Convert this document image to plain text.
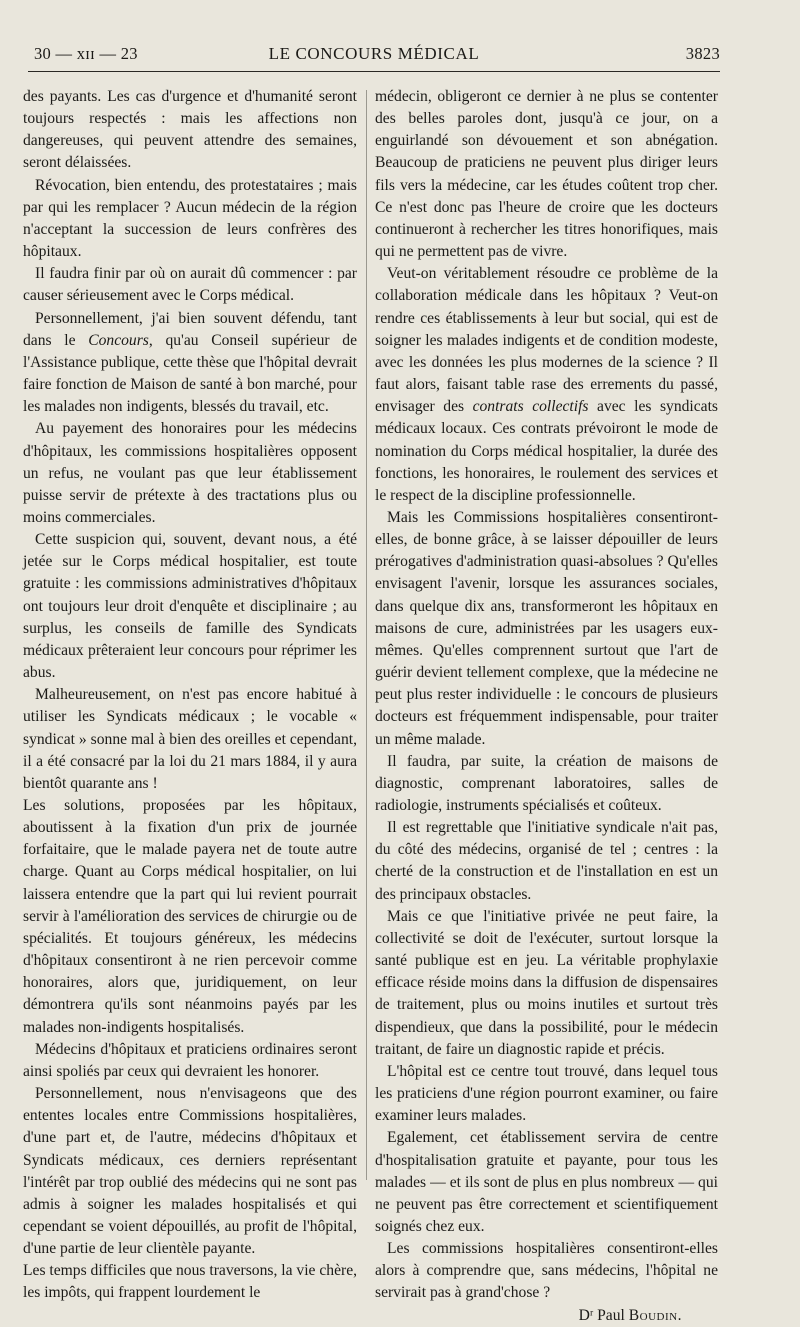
30 — xɪɪ — 23	LE CONCOURS MÉDICAL	3823

des payants. Les cas d'urgence et d'humanité seront toujours respectés : mais les affections non dangereuses, qui peuvent attendre des semaines, seront délaissées.

Révocation, bien entendu, des protestataires ; mais par qui les remplacer ? Aucun médecin de la région n'acceptant la succession de leurs confrères des hôpitaux.

Il faudra finir par où on aurait dû commencer : par causer sérieusement avec le Corps médical.

Personnellement, j'ai bien souvent défendu, tant dans le Concours, qu'au Conseil supérieur de l'Assistance publique, cette thèse que l'hôpital devrait faire fonction de Maison de santé à bon marché, pour les malades non indigents, blessés du travail, etc.

Au payement des honoraires pour les médecins d'hôpitaux, les commissions hospitalières opposent un refus, ne voulant pas que leur établissement puisse servir de prétexte à des tractations plus ou moins commerciales.

Cette suspicion qui, souvent, devant nous, a été jetée sur le Corps médical hospitalier, est toute gratuite : les commissions administratives d'hôpitaux ont toujours leur droit d'enquête et disciplinaire ; au surplus, les conseils de famille des Syndicats médicaux prêteraient leur concours pour réprimer les abus.

Malheureusement, on n'est pas encore habitué à utiliser les Syndicats médicaux ; le vocable « syndicat » sonne mal à bien des oreilles et cependant, il a été consacré par la loi du 21 mars 1884, il y aura bientôt quarante ans !

Les solutions, proposées par les hôpitaux, aboutissent à la fixation d'un prix de journée forfaitaire, que le malade payera net de toute autre charge. Quant au Corps médical hospitalier, on lui laissera entendre que la part qui lui revient pourrait servir à l'amélioration des services de chirurgie ou de spécialités. Et toujours généreux, les médecins d'hôpitaux consentiront à ne rien percevoir comme honoraires, alors que, juridiquement, on leur démontrera qu'ils sont néanmoins payés par les malades non-indigents hospitalisés.

Médecins d'hôpitaux et praticiens ordinaires seront ainsi spoliés par ceux qui devraient les honorer.

Personnellement, nous n'envisageons que des ententes locales entre Commissions hospitalières, d'une part et, de l'autre, médecins d'hôpitaux et Syndicats médicaux, ces derniers représentant l'intérêt par trop oublié des médecins qui ne sont pas admis à soigner les malades hospitalisés et qui cependant se voient dépouillés, au profit de l'hôpital, d'une partie de leur clientèle payante.

Les temps difficiles que nous traversons, la vie chère, les impôts, qui frappent lourdement le

médecin, obligeront ce dernier à ne plus se contenter des belles paroles dont, jusqu'à ce jour, on a enguirlandé son dévouement et son abnégation. Beaucoup de praticiens ne peuvent plus diriger leurs fils vers la médecine, car les études coûtent trop cher. Ce n'est donc pas l'heure de croire que les docteurs continueront à rechercher les titres honorifiques, mais qui ne permettent pas de vivre.

Veut-on véritablement résoudre ce problème de la collaboration médicale dans les hôpitaux ? Veut-on rendre ces établissements à leur but social, qui est de soigner les malades indigents et de condition modeste, avec les données les plus modernes de la science ? Il faut alors, faisant table rase des errements du passé, envisager des contrats collectifs avec les syndicats médicaux locaux. Ces contrats prévoiront le mode de nomination du Corps médical hospitalier, la durée des fonctions, les honoraires, le roulement des services et le respect de la discipline professionnelle.

Mais les Commissions hospitalières consentiront-elles, de bonne grâce, à se laisser dépouiller de leurs prérogatives d'administration quasi-absolues ? Qu'elles envisagent l'avenir, lorsque les assurances sociales, dans quelque dix ans, transformeront les hôpitaux en maisons de cure, administrées par les usagers eux-mêmes. Qu'elles comprennent surtout que l'art de guérir devient tellement complexe, que la médecine ne peut plus rester individuelle : le concours de plusieurs docteurs est fréquemment indispensable, pour traiter un même malade.

Il faudra, par suite, la création de maisons de diagnostic, comprenant laboratoires, salles de radiologie, instruments spécialisés et coûteux.

Il est regrettable que l'initiative syndicale n'ait pas, du côté des médecins, organisé de tel ; centres : la cherté de la construction et de l'installation en est un des principaux obstacles.

Mais ce que l'initiative privée ne peut faire, la collectivité se doit de l'exécuter, surtout lorsque la santé publique est en jeu. La véritable prophylaxie efficace réside moins dans la diffusion de dispensaires de traitement, plus ou moins inutiles et surtout très dispendieux, que dans la possibilité, pour le médecin traitant, de faire un diagnostic rapide et précis.

L'hôpital est ce centre tout trouvé, dans lequel tous les praticiens d'une région pourront examiner, ou faire examiner leurs malades.

Egalement, cet établissement servira de centre d'hospitalisation gratuite et payante, pour tous les malades — et ils sont de plus en plus nombreux — qui ne peuvent pas être correctement et scientifiquement soignés chez eux.

Les commissions hospitalières consentiront-elles alors à comprendre que, sans médecins, l'hôpital ne servirait pas à grand'chose ?

Dʳ Paul Boudin.
